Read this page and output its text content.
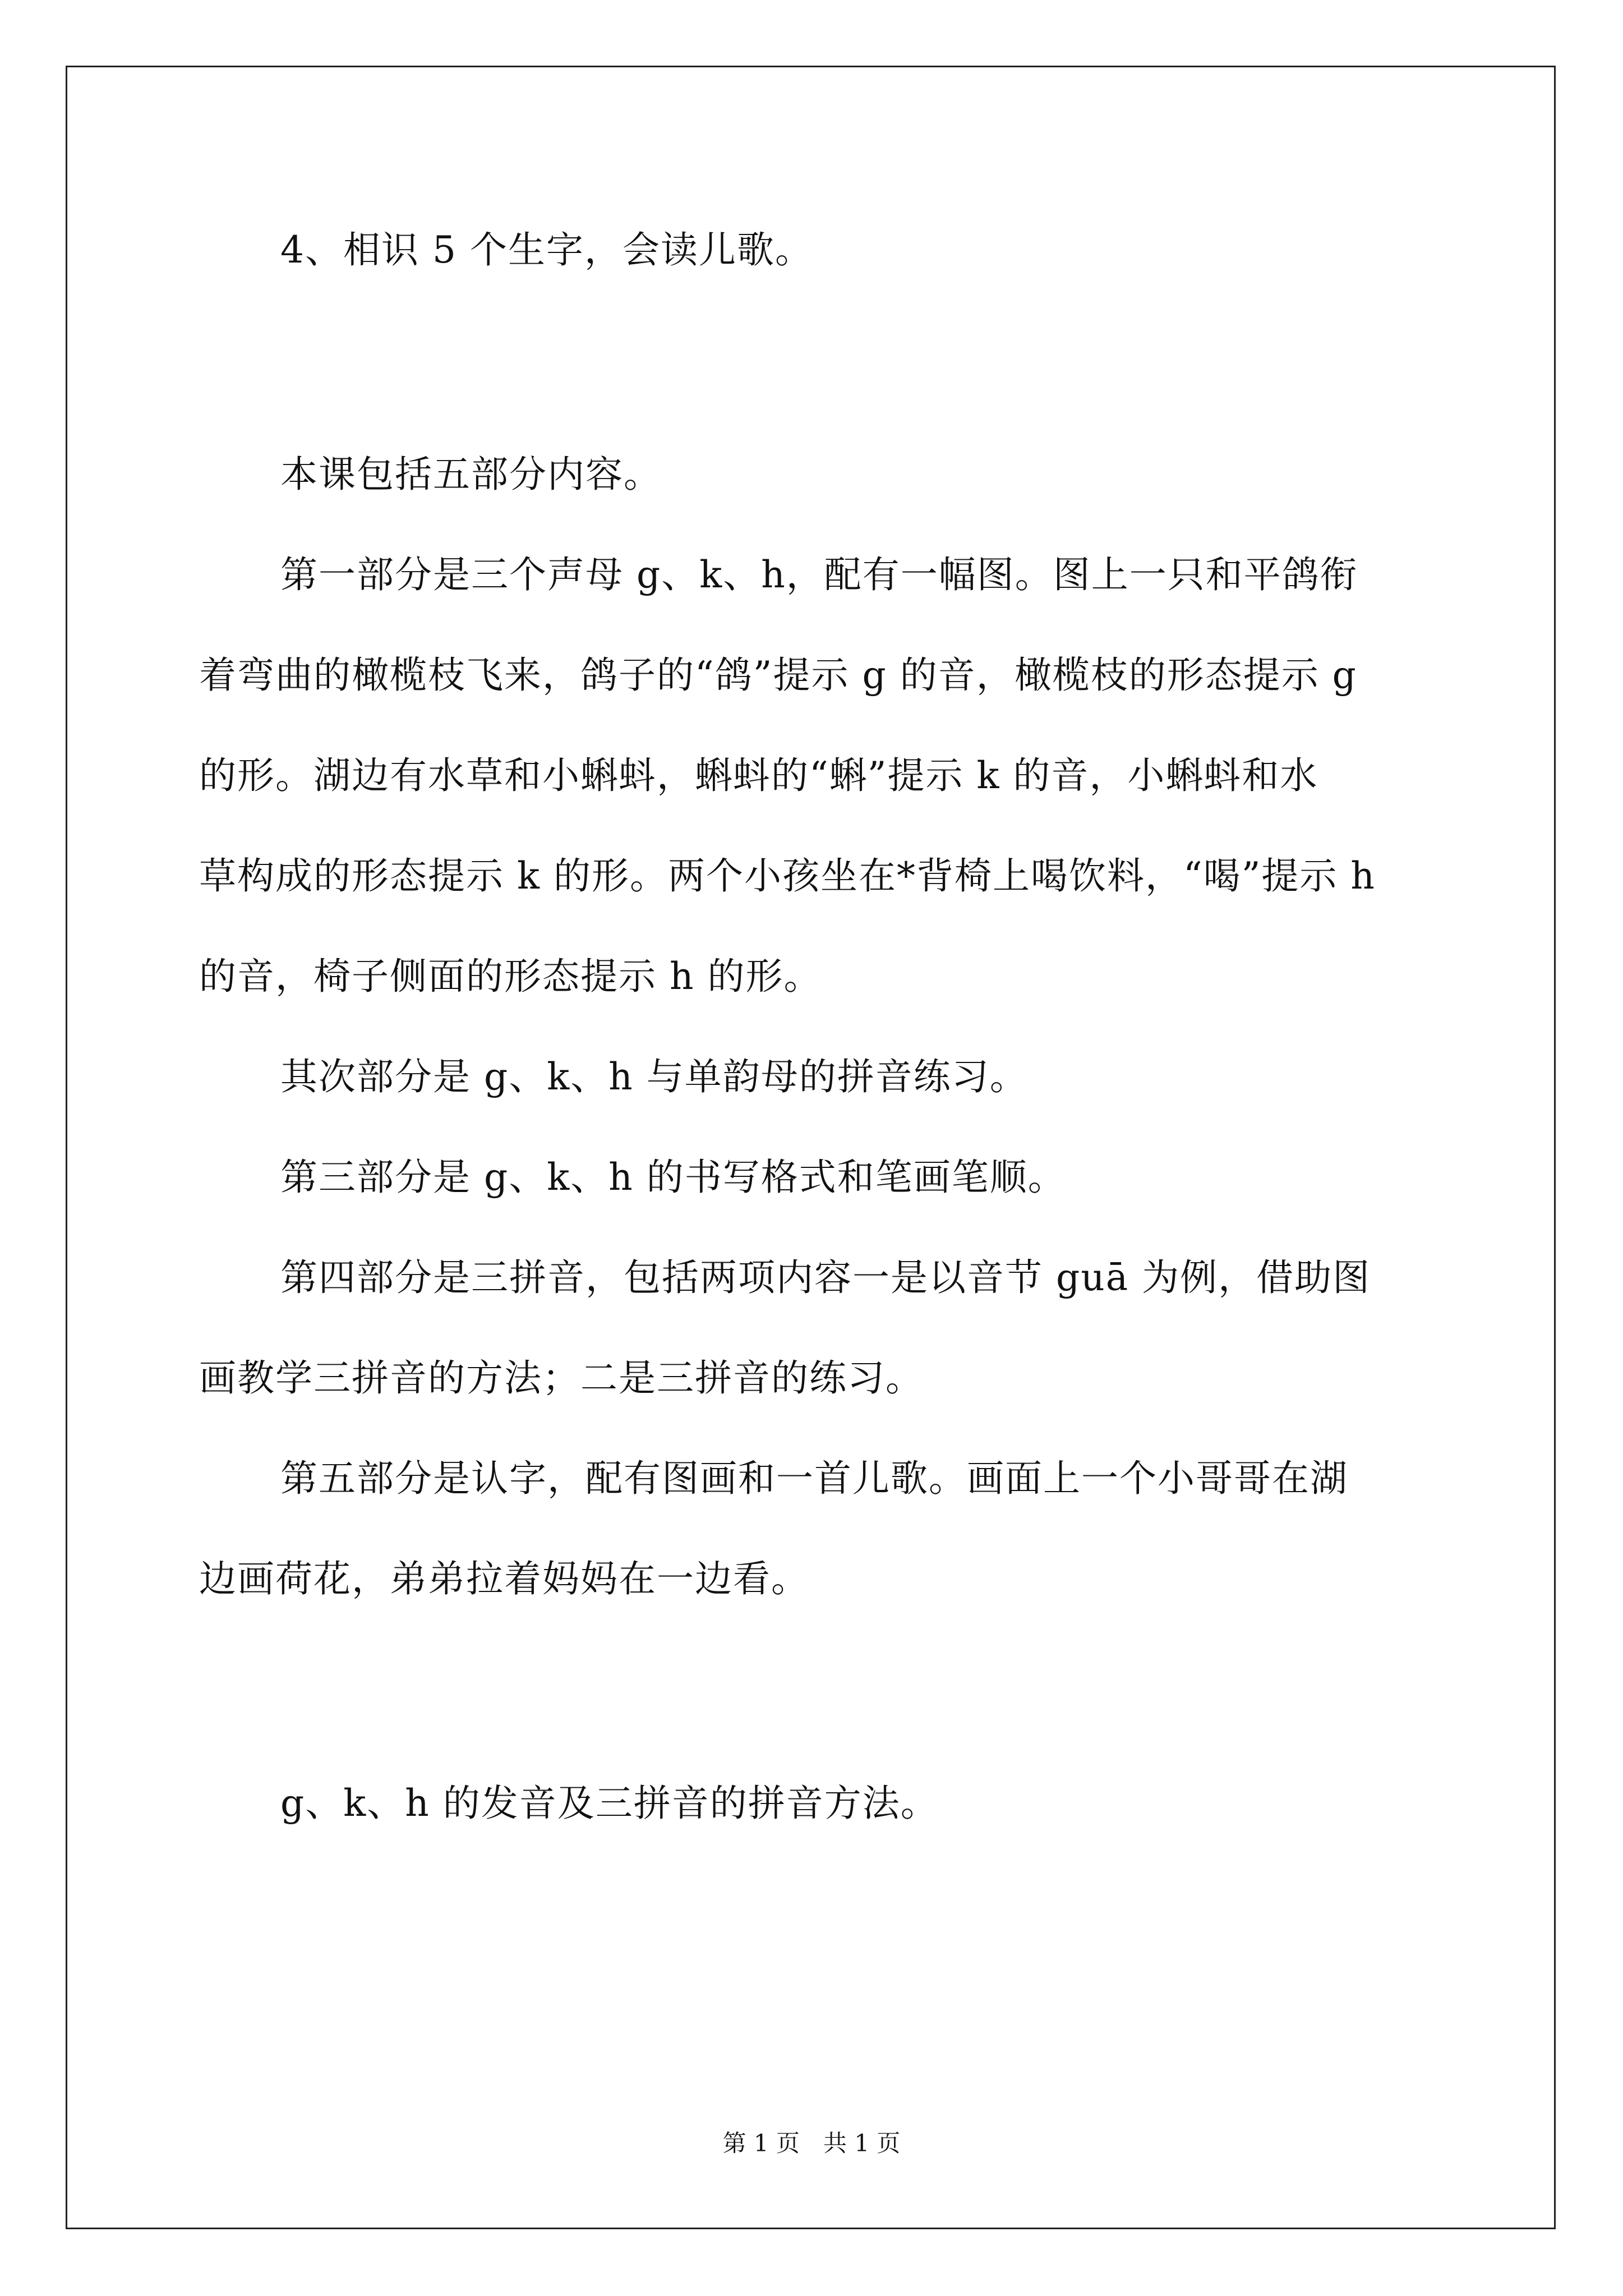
4、相识 5 个生字，会读儿歌。
本课包括五部分内容。
第一部分是三个声母 g、k、h，配有一幅图。图上一只和平鸽衔
着弯曲的橄榄枝飞来，鸽子的“鸽”提示 g 的音，橄榄枝的形态提示 g
的形。湖边有水草和小蝌蚪，蝌蚪的“蝌”提示 k 的音，小蝌蚪和水
草构成的形态提示 k 的形。两个小孩坐在*背椅上喝饮料，“喝”提示 h
的音，椅子侧面的形态提示 h 的形。
其次部分是 g、k、h 与单韵母的拼音练习。
第三部分是 g、k、h 的书写格式和笔画笔顺。
第四部分是三拼音，包括两项内容一是以音节 guā 为例，借助图
画教学三拼音的方法；二是三拼音的练习。
第五部分是认字，配有图画和一首儿歌。画面上一个小哥哥在湖
边画荷花，弟弟拉着妈妈在一边看。
g、k、h 的发音及三拼音的拼音方法。
第 1 页　共 1 页
